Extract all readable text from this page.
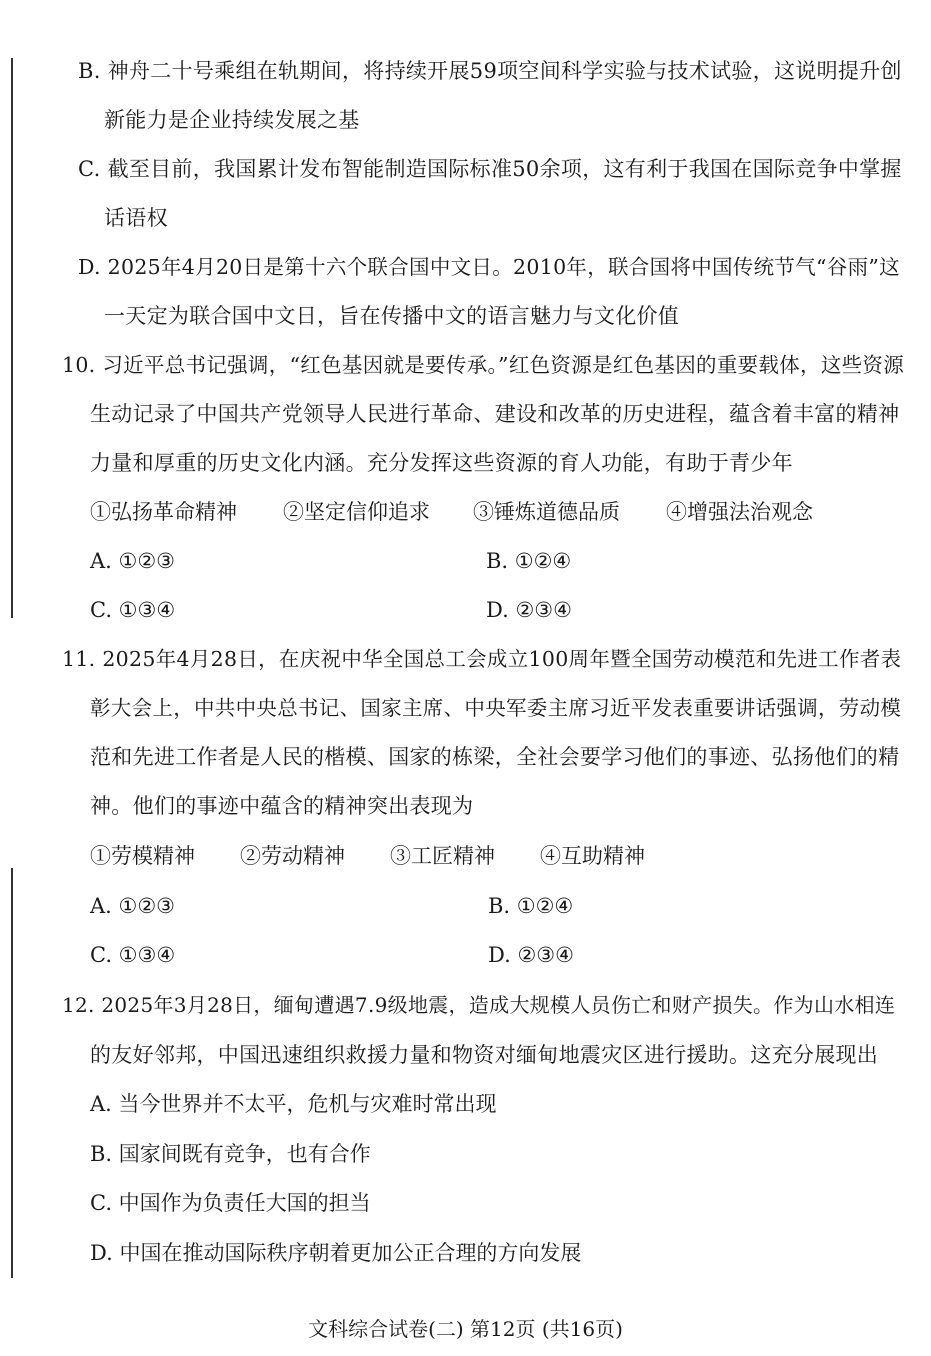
B. 神舟二十号乘组在轨期间，将持续开展59项空间科学实验与技术试验，这说明提升创
新能力是企业持续发展之基
C. 截至目前，我国累计发布智能制造国际标准50余项，这有利于我国在国际竞争中掌握
话语权
D. 2025年4月20日是第十六个联合国中文日。2010年，联合国将中国传统节气“谷雨”这
一天定为联合国中文日，旨在传播中文的语言魅力与文化价值
10. 习近平总书记强调，“红色基因就是要传承。”红色资源是红色基因的重要载体，这些资源
生动记录了中国共产党领导人民进行革命、建设和改革的历史进程，蕴含着丰富的精神
力量和厚重的历史文化内涵。充分发挥这些资源的育人功能，有助于青少年
①弘扬革命精神 ②坚定信仰追求 ③锤炼道德品质 ④增强法治观念
A. ①②③	B. ①②④
C. ①③④	D. ②③④
11. 2025年4月28日，在庆祝中华全国总工会成立100周年暨全国劳动模范和先进工作者表
彰大会上，中共中央总书记、国家主席、中央军委主席习近平发表重要讲话强调，劳动模
范和先进工作者是人民的楷模、国家的栋梁，全社会要学习他们的事迹、弘扬他们的精
神。他们的事迹中蕴含的精神突出表现为
①劳模精神 ②劳动精神 ③工匠精神 ④互助精神
A. ①②③	B. ①②④
C. ①③④	D. ②③④
12. 2025年3月28日，缅甸遭遇7.9级地震，造成大规模人员伤亡和财产损失。作为山水相连
的友好邻邦，中国迅速组织救援力量和物资对缅甸地震灾区进行援助。这充分展现出
A. 当今世界并不太平，危机与灾难时常出现
B. 国家间既有竞争，也有合作
C. 中国作为负责任大国的担当
D. 中国在推动国际秩序朝着更加公正合理的方向发展
文科综合试卷(二) 第12页 (共16页)
